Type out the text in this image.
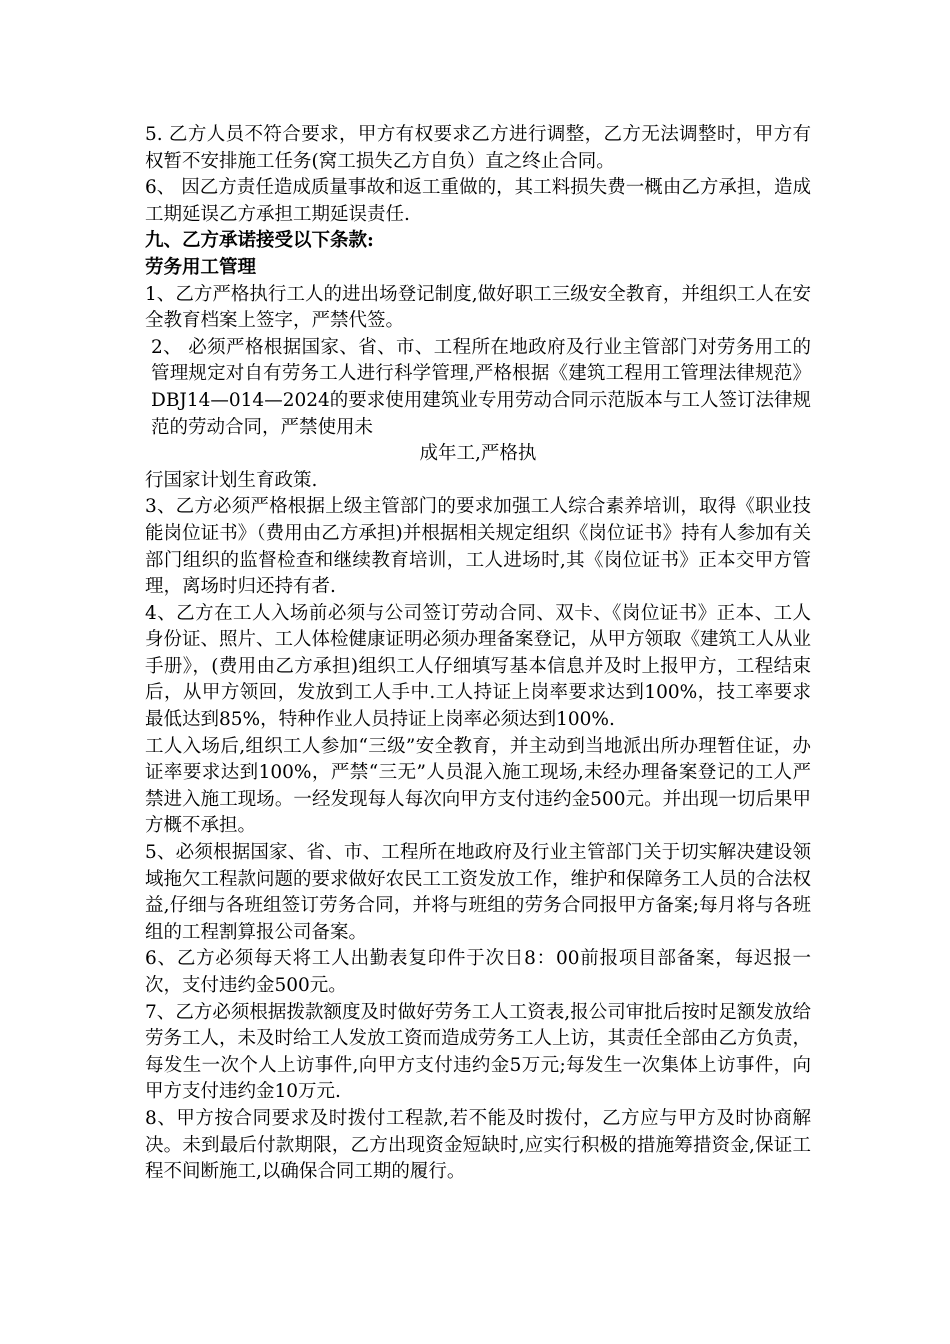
5. 乙方人员不符合要求，甲方有权要求乙方进行调整，乙方无法调整时，甲方有权暂不安排施工任务(窝工损失乙方自负）直之终止合同。

6、 因乙方责任造成质量事故和返工重做的，其工料损失费一概由乙方承担，造成工期延误乙方承担工期延误责任.

九、乙方承诺接受以下条款:

劳务用工管理

1、乙方严格执行工人的进出场登记制度,做好职工三级安全教育，并组织工人在安全教育档案上签字，严禁代签。

2、 必须严格根据国家、省、市、工程所在地政府及行业主管部门对劳务用工的管理规定对自有劳务工人进行科学管理,严格根据《建筑工程用工管理法律规范》DBJ14—014—2024的要求使用建筑业专用劳动合同示范版本与工人签订法律规范的劳动合同，严禁使用未

成年工,严格执

行国家计划生育政策.

3、乙方必须严格根据上级主管部门的要求加强工人综合素养培训，取得《职业技能岗位证书》（费用由乙方承担)并根据相关规定组织《岗位证书》持有人参加有关部门组织的监督检查和继续教育培训，工人进场时,其《岗位证书》正本交甲方管理，离场时归还持有者.

4、乙方在工人入场前必须与公司签订劳动合同、双卡、《岗位证书》正本、工人身份证、照片、工人体检健康证明必须办理备案登记，从甲方领取《建筑工人从业手册》，(费用由乙方承担)组织工人仔细填写基本信息并及时上报甲方，工程结束后，从甲方领回，发放到工人手中.工人持证上岗率要求达到100%，技工率要求最低达到85%，特种作业人员持证上岗率必须达到100%.

工人入场后,组织工人参加“三级”安全教育，并主动到当地派出所办理暂住证，办证率要求达到100%，严禁“三无”人员混入施工现场,未经办理备案登记的工人严禁进入施工现场。一经发现每人每次向甲方支付违约金500元。并出现一切后果甲方概不承担。

5、必须根据国家、省、市、工程所在地政府及行业主管部门关于切实解决建设领域拖欠工程款问题的要求做好农民工工资发放工作，维护和保障务工人员的合法权益,仔细与各班组签订劳务合同，并将与班组的劳务合同报甲方备案;每月将与各班组的工程割算报公司备案。

6、乙方必须每天将工人出勤表复印件于次日8：00前报项目部备案，每迟报一次，支付违约金500元。

7、乙方必须根据拨款额度及时做好劳务工人工资表,报公司审批后按时足额发放给劳务工人，未及时给工人发放工资而造成劳务工人上访，其责任全部由乙方负责，每发生一次个人上访事件,向甲方支付违约金5万元;每发生一次集体上访事件，向甲方支付违约金10万元.

8、甲方按合同要求及时拨付工程款,若不能及时拨付，乙方应与甲方及时协商解决。未到最后付款期限，乙方出现资金短缺时,应实行积极的措施筹措资金,保证工程不间断施工,以确保合同工期的履行。
